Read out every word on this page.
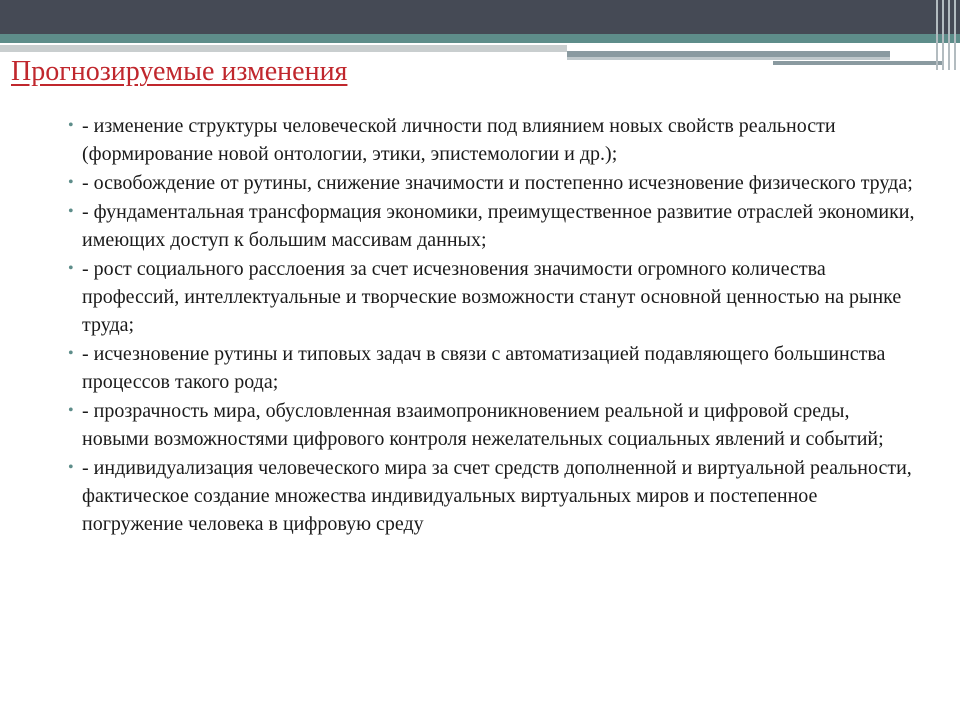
Прогнозируемые изменения
• - изменение структуры человеческой личности под влиянием новых свойств реальности (формирование новой онтологии, этики, эпистемологии и др.);
• - освобождение от рутины, снижение значимости и постепенно исчезновение физического труда;
• - фундаментальная трансформация экономики, преимущественное развитие отраслей экономики, имеющих доступ к большим массивам данных;
• - рост социального расслоения за счет исчезновения значимости огромного количества профессий, интеллектуальные и творческие возможности станут основной ценностью на рынке труда;
• - исчезновение рутины и типовых задач в связи с автоматизацией подавляющего большинства процессов такого рода;
• - прозрачность мира, обусловленная взаимопроникновением реальной и цифровой среды, новыми возможностями цифрового контроля нежелательных социальных явлений и событий;
• - индивидуализация человеческого мира за счет средств дополненной и виртуальной реальности, фактическое создание множества индивидуальных виртуальных миров и постепенное погружение человека в цифровую среду
